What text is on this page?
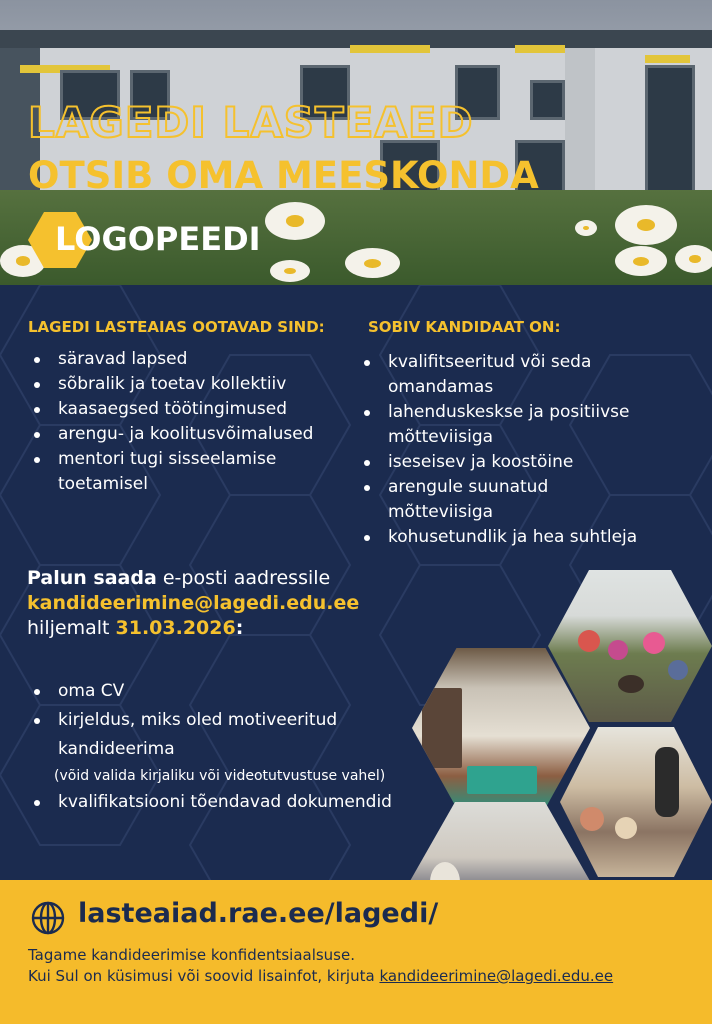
LAGEDI LASTEAED
OTSIB OMA MEESKONDA
LOGOPEEDI
LAGEDI LASTEAIAS OOTAVAD SIND:
säravad lapsed
sõbralik ja toetav kollektiiv
kaasaegsed töötingimused
arengu- ja koolitusvõimalused
mentori tugi sisseelamise toetamisel
SOBIV KANDIDAAT ON:
kvalifitseeritud või seda omandamas
lahenduskeskse ja positiivse mõtteviisiga
iseseisev ja koostöine
arengule suunatud mõtteviisiga
kohusetundlik ja hea suhtleja
Palun saada e-posti aadressile
kandideerimine@lagedi.edu.ee
hiljemalt 31.03.2026:
oma CV
kirjeldus, miks oled motiveeritud kandideerima
(võid valida kirjaliku või videotutvustuse vahel)
kvalifikatsiooni tõendavad dokumendid
lasteaiad.rae.ee/lagedi/
Tagame kandideerimise konfidentsiaalsuse.
Kui Sul on küsimusi või soovid lisainfot, kirjuta kandideerimine@lagedi.edu.ee
